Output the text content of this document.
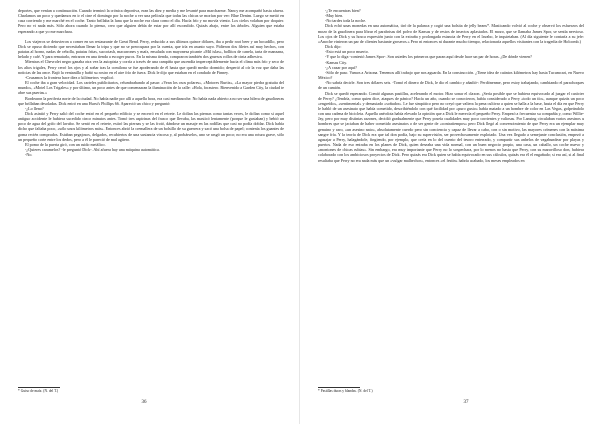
deportes, que venían a continuación. Cuando terminó la crónica deportiva, eran las diez y media y me levanté para marcharme. Nancy me acompañó hasta afuera. Charlamos un poco y quedamos en ir el cine el domingo por la noche a ver una película que todas las chicas se morían por ver: Blue Denim. Luego se metió en casa corriendo y me marché en el coche. Tanto brillaba la luna que la noche era clara como el día. Hacía frío y no movía viento. Los cielos volaban por doquier. Pero no vi nada más. Sólo ahora cuando lo pienso, creo que alguien debía de estar por allí escondido. Quizás abajo, entre los árboles. Alguien que estaba esperando a que yo me marchara.

Los viajeros se detuvieron a comer en un restaurante de Great Bend. Perry, reducido a sus últimos quince dólares, iba a pedir root beer y un bocadillo, pero Dick se opuso diciendo que necesitaban llenar la tripa y que no se preocupara por la cuenta, que iría en asunto suyo. Pidieron dos filetes así muy hechos, con patatas al horno, nadas de cebolla, patatas fritas, succotash, macarrones y maíz, ensalada con mayonesa picante «Mil islas», bollitos de canela, tarta de manzana, helado y café. Y para rematarlo, entraron en una tienda a escoger puros. En la misma tienda, compraron también dos gruesos rollos de cinta adhesiva.

Mientras el Chevrolet negro ganaba otra vez la autopista y corría a través de una campiña que ascendía imperceptiblemente hacia el clima más frío y seco de los altos trigales, Perry cerró los ojos y al soñar tras la comilona se fue apoderando de él hasta que quedó medio dormido; despertó al oír la voz que daba las noticias de las once. Bajó la ventanilla y bañó su rostro en el aire frío de fuera. Dick le dijo que estaban en el condado de Finney.

-Cruzamos la frontera hace diez o kilómetros -explicó.

El coche iba a gran velocidad. Los carteles publicitarios, relumbrabando al pasar: «Vean los osos polares», «Motores Burtis», «La mayor piedra gratuita del mundo», «Motel Los Trigales» y por último, un poco antes de que comenzaran la iluminación de la calle: «Hola, forastero. Bienvenido a Garden City, la ciudad te abre sus puertas.»

Bordearon la periferia norte de la ciudad. No había nadie por allí a aquella hora, era casi medianoche. No había nada abierto a no ser una hilera de gasolineras que brillaban desoladas. Dick entró en una Hurst's Phillips 66. Apareció un chico y preguntó:

-¿Lo lleno?

Dick asintió y Perry salió del coche entró en el pequeño edificio y se encerró en el retrete. Le dolían las piernas como tantas veces, le dolían como si aquel antiguo accidente le hubiera sucedido cinco minutos antes. Tomó tres aspirinas del frasco que llevaba, las masticó lentamente (porque le gustaban) y bebió un poco de agua del grifo del lavabo. Se sentó en el retrete, estiró las piernas y se las frotó, dándose un masaje en las rodillas que casi no podía doblar. Dick había dicho que faltaba poco, «sólo unos kilómetros más». Entonces abrió la cremallera de un bolsillo de su guerrera y sacó una bolsa de papel; contenía los guantes de goma recién comprados. Estaban pegajosos, delgados, recubiertos de una sustancia viscosa y, al probárselos, uno se rasgó un poco; no era una rotura grave, sólo un pequeño corte entre los dedos, pero a él le pareció de mal agüero.

El pomo de la puerta giró, con un ruido metálico.

-¿Quieres caramelos? -le preguntó Dick-. Ahí afuera hay una máquina automática.

-No.

* Guiso de maíz. (N. del T.)
36

-¿Te encuentras bien?

-Muy bien.

-No tardes toda la noche.

Dick echó unas monedas en una automática, tiró de la palanca y cogió una bolsita de jelly beans*. Masticando volvió al coche y observó los esfuerzos del mozo de la gasolinera para librar el parabrisas del polvo de Kansas y de restos de insectos aplastados. El mozo, que se llamaba James Spor, se sentía nervioso. Los ojos de Dick y su hosca expresión junto con la extraña y prolongada estancia de Perry en el lavabo, le inquietaban. (Al día siguiente le contaría a su jefe: «Anoche vinieron un par de clientes bastante groseros.» Pero ni entonces ni durante mucho tiempo, relacionaría aquellos visitantes con la tragedia de Holcomb.)

Dick dijo:

-Esto está un poco muerto.

-Y que lo diga -contestó James Spor-. Son ustedes los primeros que paran aquí desde hace un par de horas. ¿De dónde vienen?

-Kansas City.

-¿A cazar por aquí?

-Sólo de paso. Vamos a Arizona. Tenemos allí trabajo que nos aguarda. En la construcción. ¿Tiene idea de cuántos kilómetros hay hasta Tucumcari, en Nuevo México?

-No sabría decirle. Son tres dólares seis. -Tomó el dinero de Dick, le dio el cambio y añadió-: Perdónenme, pero estoy trabajando, cambiando el parachoques de un camión.

Dick se quedó esperando. Comió algunas pastillas, acelerando el motor. Hizo sonar el claxon. ¿Sería posible que se hubiera equivocado al juzgar el carácter de Perry? ¿Tendría, como quien dice, ataques de pánico? Hacía un año, cuando se conocieron, había considerado a Perry «todo un tío», aunque quizás un poco «engreído», «sentimental» y demasiado «soñador». Le fue simpático pero no creyó que valiera la pena cultivar a quien se halla a la base, hasta el día en que Perry le habló de un asesinato que había cometido, describiéndolo con qué facilidad por «puro gusto» había matado a un hombre de color en Las Vegas, golpeándolo con una cadena de bicicleta. Aquella anécdota había elevado la opinión que a Dick le merecía el pequeño Perry. Empezó a frecuentar su compañía y, como Willie-Jay, pero por muy distintas razones, decidió gradualmente que Perry poseía cualidades muy poco corrientes y valiosas. Por Lansing circulaban varios asesinos u hombres que se jactaban de haber cometido asesinatos o de ser gente de «contratiempos» pero Dick llegó al convencimiento de que Perry era un ejemplar muy genuino y raro, «un asesino nato», absolutamente cuerdo pero sin conciencia y capaz de llevar a cabo, con o sin motivo, las mayores crímenes con la máxima sangre fría. Y la teoría de Dick era que tal don podía, bajo su supervisión, ser provechosamente explotado. Una vez llegado a semejante conclusión, empezó a agasajar a Perry, halagándole, fingiendo, por ejemplo, que creía en lo del cuento del tesoro enterrado, y compartir sus anhelos de vagabundear por playas y puertos. Nada de eso entraba en los planes de Dick, quien deseaba una vida normal, con un buen negocio propio, una casa, un caballo, un coche nuevo y «montones de chicas rubias». Sin embargo, era muy importante que Perry no lo sospechara, por lo menos no hasta que Perry, con su maravilloso don, hubiera colaborado con los ambiciosos proyectos de Dick. Pero quizás era Dick quien se había equivocado en sus cálculos, quizás era él el engañado; si era así, si al final resultaba que Perry no era nada más que un «vulgar malhechor», entonces «el festín» habría acabado, los meses empleados en

* Pastillas duras y blandas. (N. del T.)
37
